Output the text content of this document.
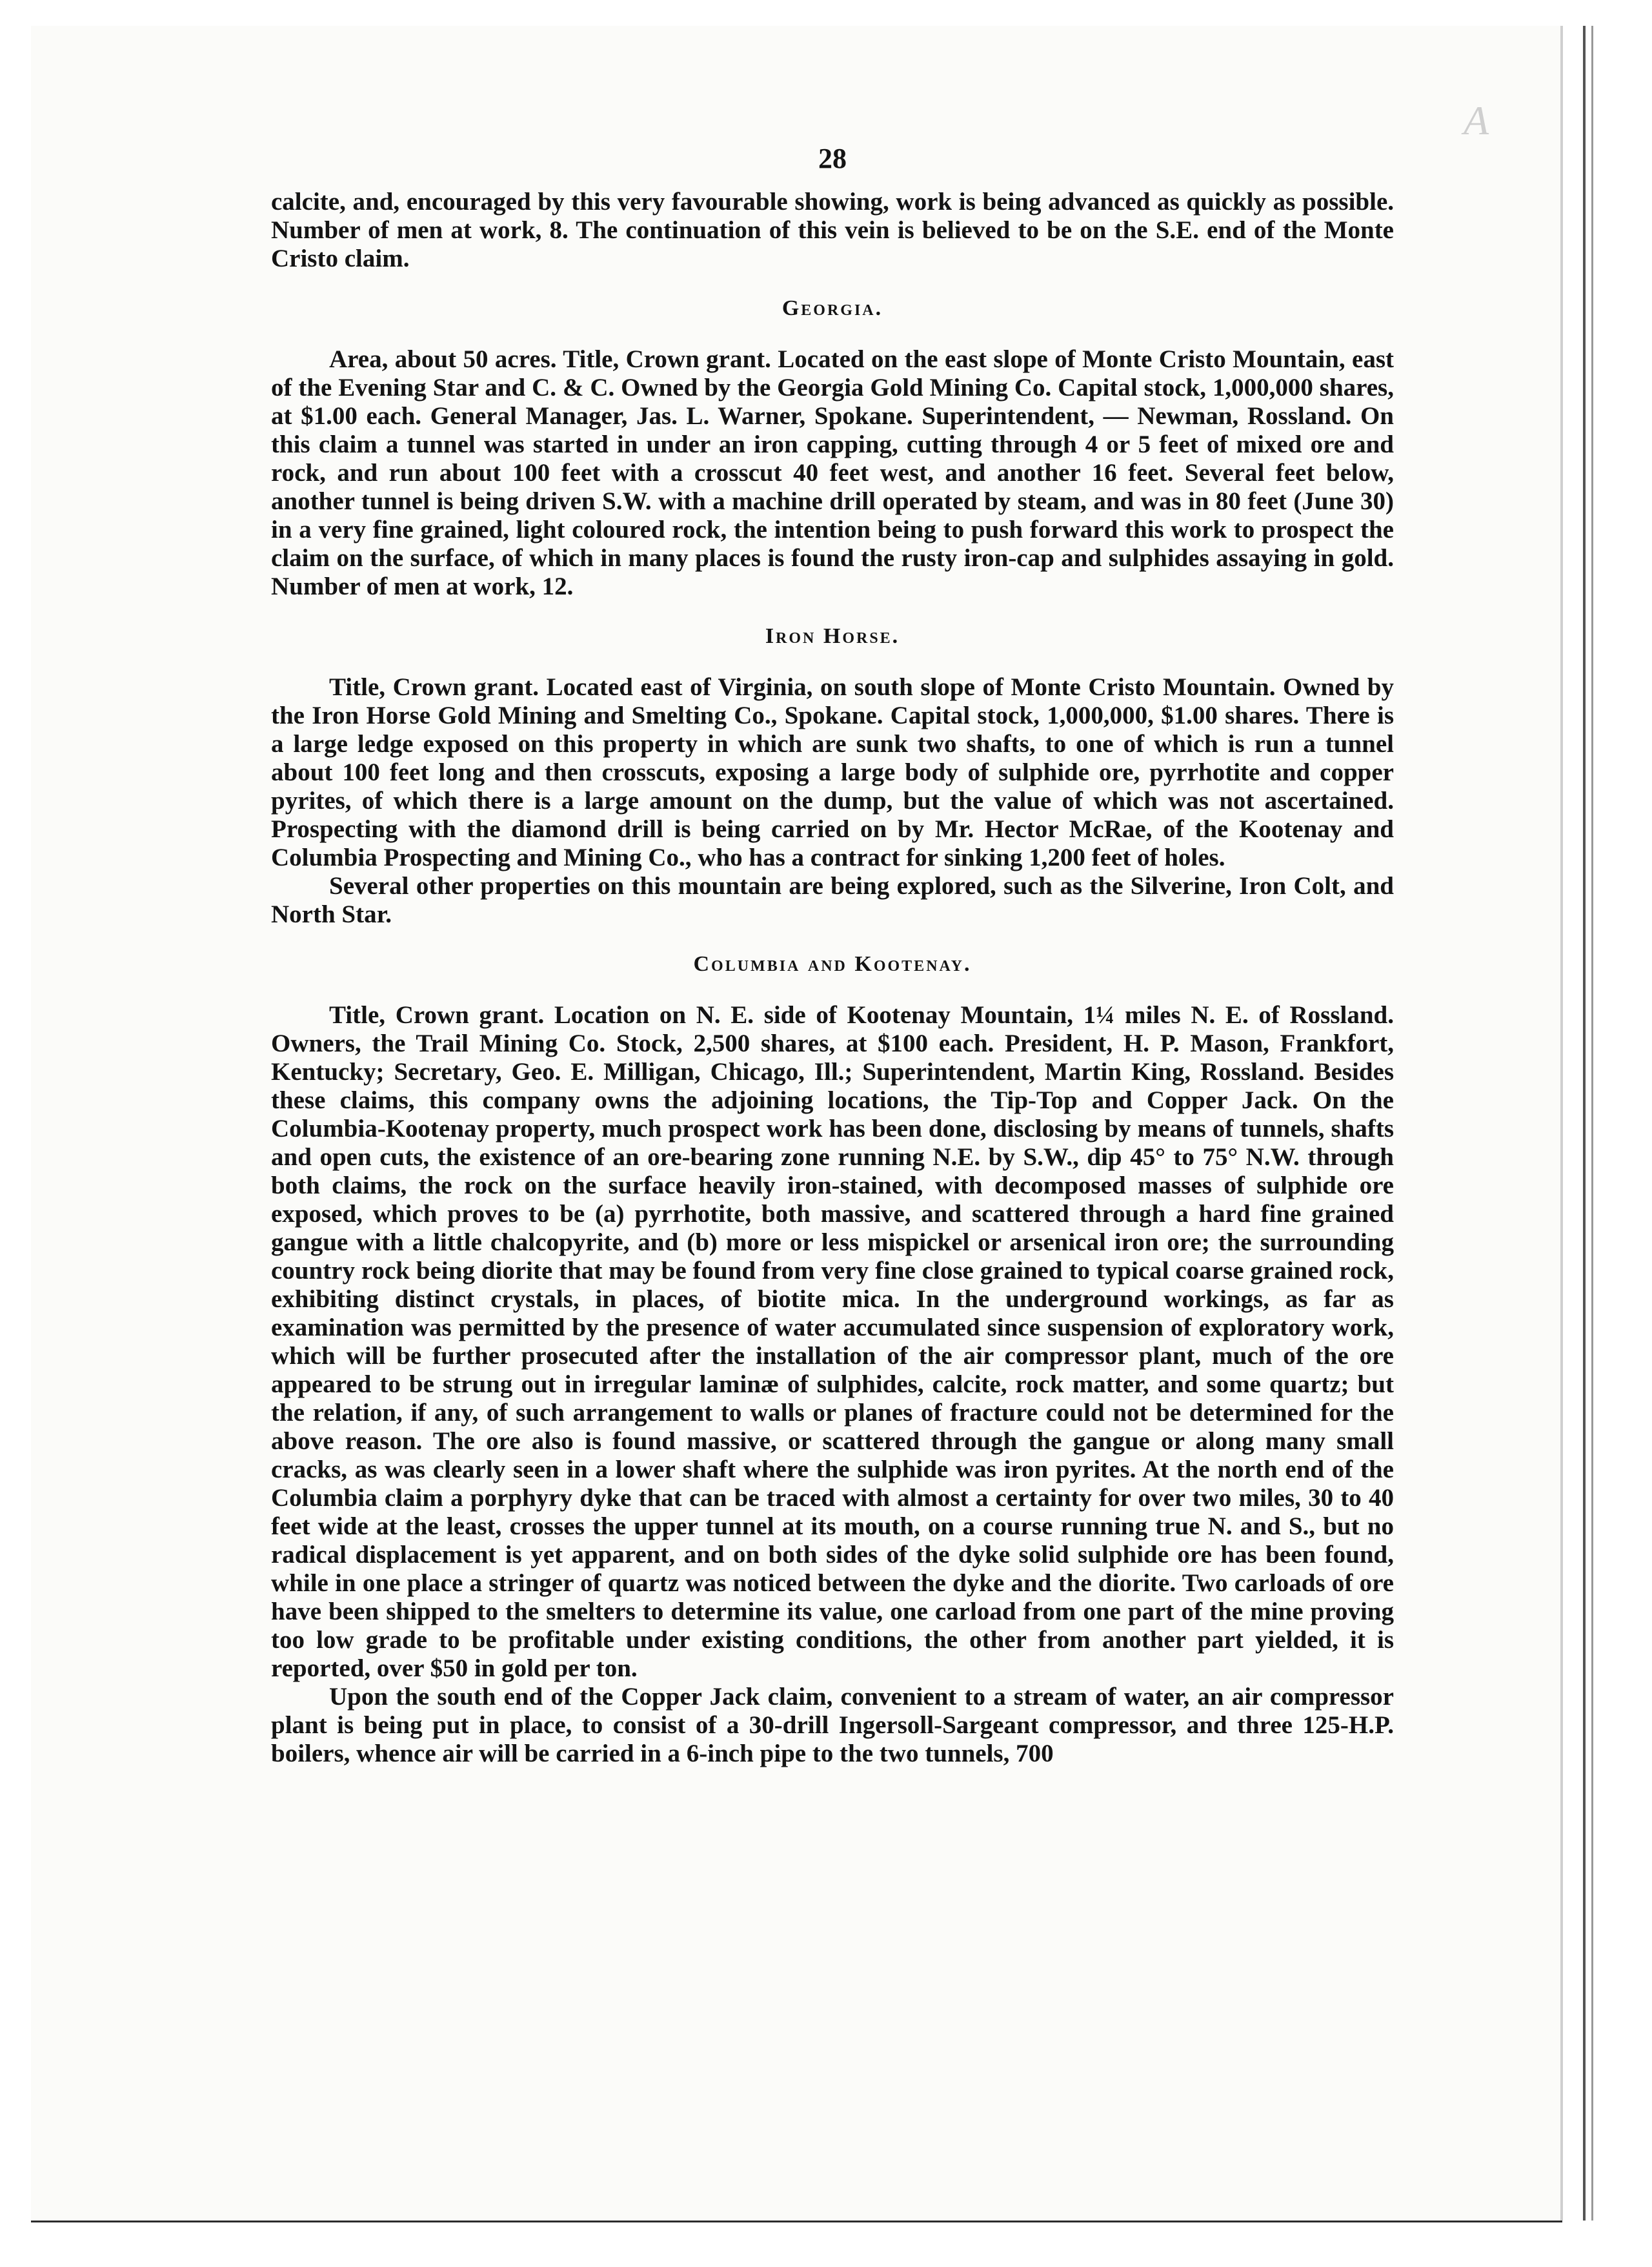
A
28

calcite, and, encouraged by this very favourable showing, work is being advanced as quickly as possible. Number of men at work, 8. The continuation of this vein is believed to be on the S.E. end of the Monte Cristo claim.

Georgia.

Area, about 50 acres. Title, Crown grant. Located on the east slope of Monte Cristo Mountain, east of the Evening Star and C. & C. Owned by the Georgia Gold Mining Co. Capital stock, 1,000,000 shares, at $1.00 each. General Manager, Jas. L. Warner, Spokane. Superintendent, — Newman, Rossland. On this claim a tunnel was started in under an iron capping, cutting through 4 or 5 feet of mixed ore and rock, and run about 100 feet with a crosscut 40 feet west, and another 16 feet. Several feet below, another tunnel is being driven S.W. with a machine drill operated by steam, and was in 80 feet (June 30) in a very fine grained, light coloured rock, the intention being to push forward this work to prospect the claim on the surface, of which in many places is found the rusty iron-cap and sulphides assaying in gold. Number of men at work, 12.

Iron Horse.

Title, Crown grant. Located east of Virginia, on south slope of Monte Cristo Mountain. Owned by the Iron Horse Gold Mining and Smelting Co., Spokane. Capital stock, 1,000,000, $1.00 shares. There is a large ledge exposed on this property in which are sunk two shafts, to one of which is run a tunnel about 100 feet long and then crosscuts, exposing a large body of sulphide ore, pyrrhotite and copper pyrites, of which there is a large amount on the dump, but the value of which was not ascertained. Prospecting with the diamond drill is being carried on by Mr. Hector McRae, of the Kootenay and Columbia Prospecting and Mining Co., who has a contract for sinking 1,200 feet of holes.

Several other properties on this mountain are being explored, such as the Silverine, Iron Colt, and North Star.

Columbia and Kootenay.

Title, Crown grant. Location on N. E. side of Kootenay Mountain, 1¼ miles N. E. of Rossland. Owners, the Trail Mining Co. Stock, 2,500 shares, at $100 each. President, H. P. Mason, Frankfort, Kentucky; Secretary, Geo. E. Milligan, Chicago, Ill.; Superintendent, Martin King, Rossland. Besides these claims, this company owns the adjoining locations, the Tip-Top and Copper Jack. On the Columbia-Kootenay property, much prospect work has been done, disclosing by means of tunnels, shafts and open cuts, the existence of an ore-bearing zone running N.E. by S.W., dip 45° to 75° N.W. through both claims, the rock on the surface heavily iron-stained, with decomposed masses of sulphide ore exposed, which proves to be (a) pyrrhotite, both massive, and scattered through a hard fine grained gangue with a little chalcopyrite, and (b) more or less mispickel or arsenical iron ore; the surrounding country rock being diorite that may be found from very fine close grained to typical coarse grained rock, exhibiting distinct crystals, in places, of biotite mica. In the underground workings, as far as examination was permitted by the presence of water accumulated since suspension of exploratory work, which will be further prosecuted after the installation of the air compressor plant, much of the ore appeared to be strung out in irregular laminæ of sulphides, calcite, rock matter, and some quartz; but the relation, if any, of such arrangement to walls or planes of fracture could not be determined for the above reason. The ore also is found massive, or scattered through the gangue or along many small cracks, as was clearly seen in a lower shaft where the sulphide was iron pyrites. At the north end of the Columbia claim a porphyry dyke that can be traced with almost a certainty for over two miles, 30 to 40 feet wide at the least, crosses the upper tunnel at its mouth, on a course running true N. and S., but no radical displacement is yet apparent, and on both sides of the dyke solid sulphide ore has been found, while in one place a stringer of quartz was noticed between the dyke and the diorite. Two carloads of ore have been shipped to the smelters to determine its value, one carload from one part of the mine proving too low grade to be profitable under existing conditions, the other from another part yielded, it is reported, over $50 in gold per ton.

Upon the south end of the Copper Jack claim, convenient to a stream of water, an air compressor plant is being put in place, to consist of a 30-drill Ingersoll-Sargeant compressor, and three 125-H.P. boilers, whence air will be carried in a 6-inch pipe to the two tunnels, 700
